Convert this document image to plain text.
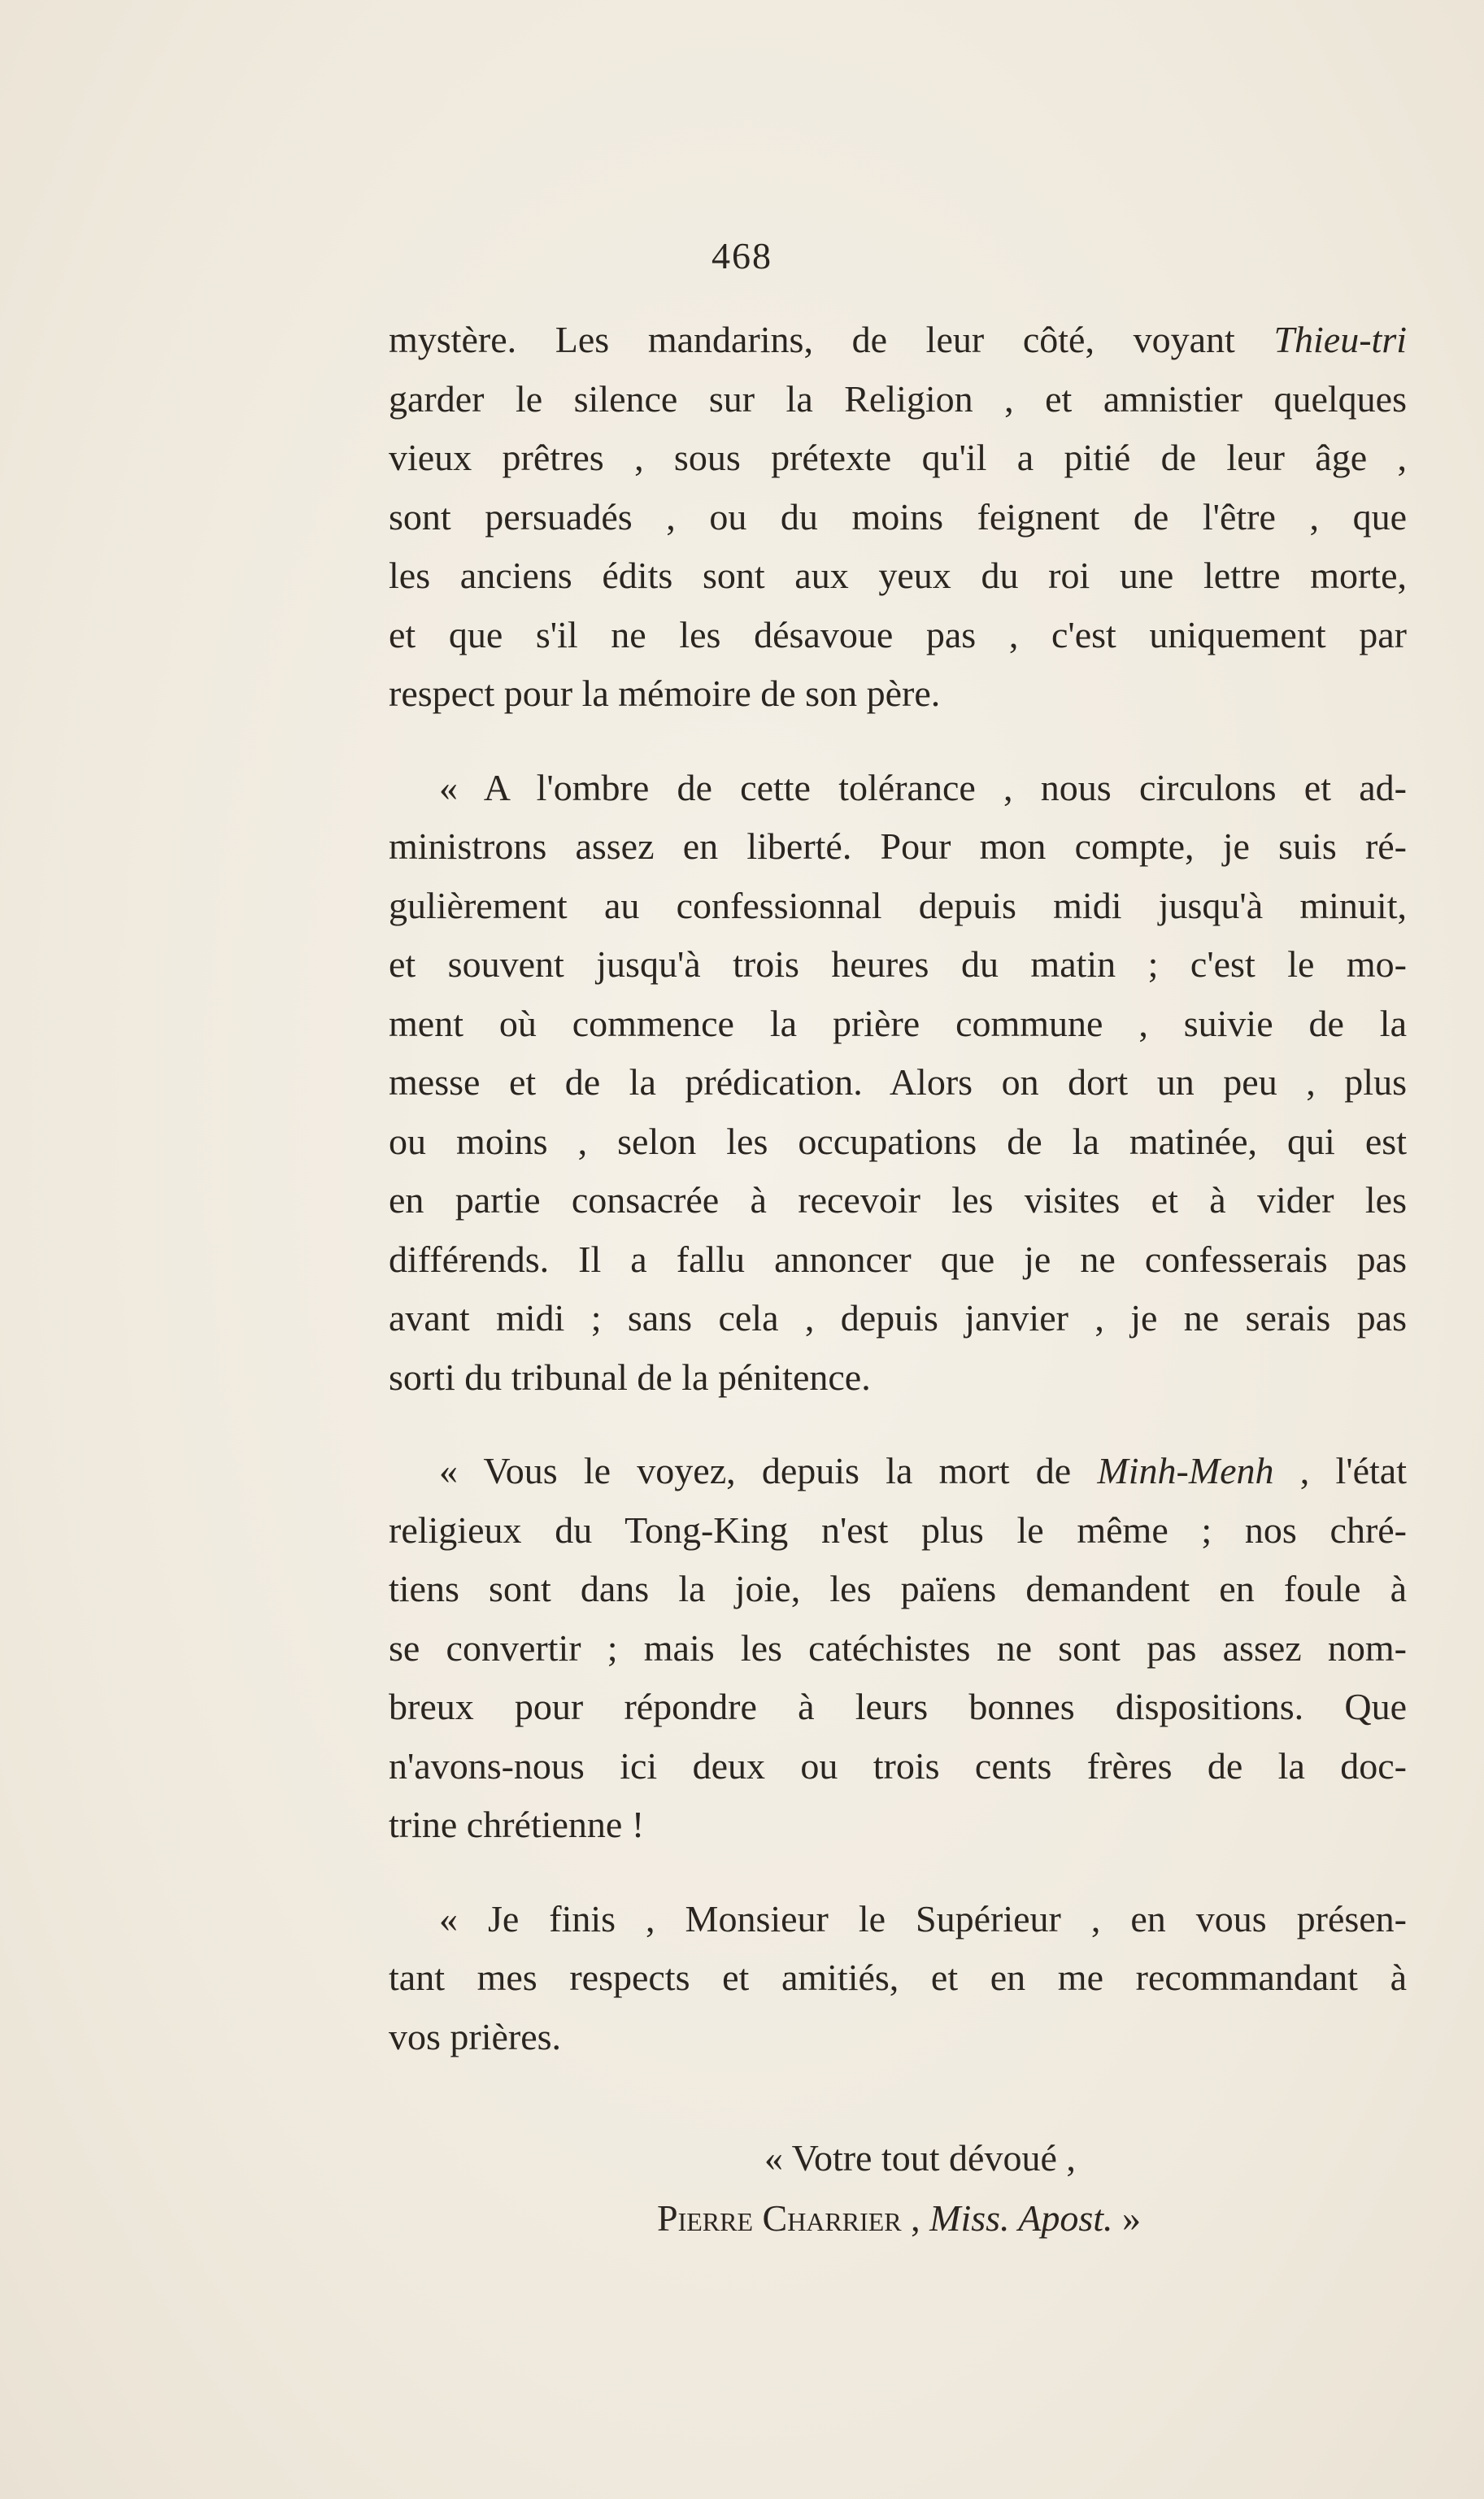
468
mystère. Les mandarins, de leur côté, voyant Thieu-tri
garder le silence sur la Religion , et amnistier quelques
vieux prêtres , sous prétexte qu'il a pitié de leur âge ,
sont persuadés , ou du moins feignent de l'être , que
les anciens édits sont aux yeux du roi une lettre morte,
et que s'il ne les désavoue pas , c'est uniquement par
respect pour la mémoire de son père.
« A l'ombre de cette tolérance , nous circulons et ad-
ministrons assez en liberté. Pour mon compte, je suis ré-
gulièrement au confessionnal depuis midi jusqu'à minuit,
et souvent jusqu'à trois heures du matin ; c'est le mo-
ment où commence la prière commune , suivie de la
messe et de la prédication. Alors on dort un peu , plus
ou moins , selon les occupations de la matinée, qui est
en partie consacrée à recevoir les visites et à vider les
différends. Il a fallu annoncer que je ne confesserais pas
avant midi ; sans cela , depuis janvier , je ne serais pas
sorti du tribunal de la pénitence.
« Vous le voyez, depuis la mort de Minh-Menh , l'état
religieux du Tong-King n'est plus le même ; nos chré-
tiens sont dans la joie, les païens demandent en foule à
se convertir ; mais les catéchistes ne sont pas assez nom-
breux pour répondre à leurs bonnes dispositions. Que
n'avons-nous ici deux ou trois cents frères de la doc-
trine chrétienne !
« Je finis , Monsieur le Supérieur , en vous présen-
tant mes respects et amitiés, et en me recommandant à
vos prières.
« Votre tout dévoué ,
Pierre Charrier , Miss. Apost. »
